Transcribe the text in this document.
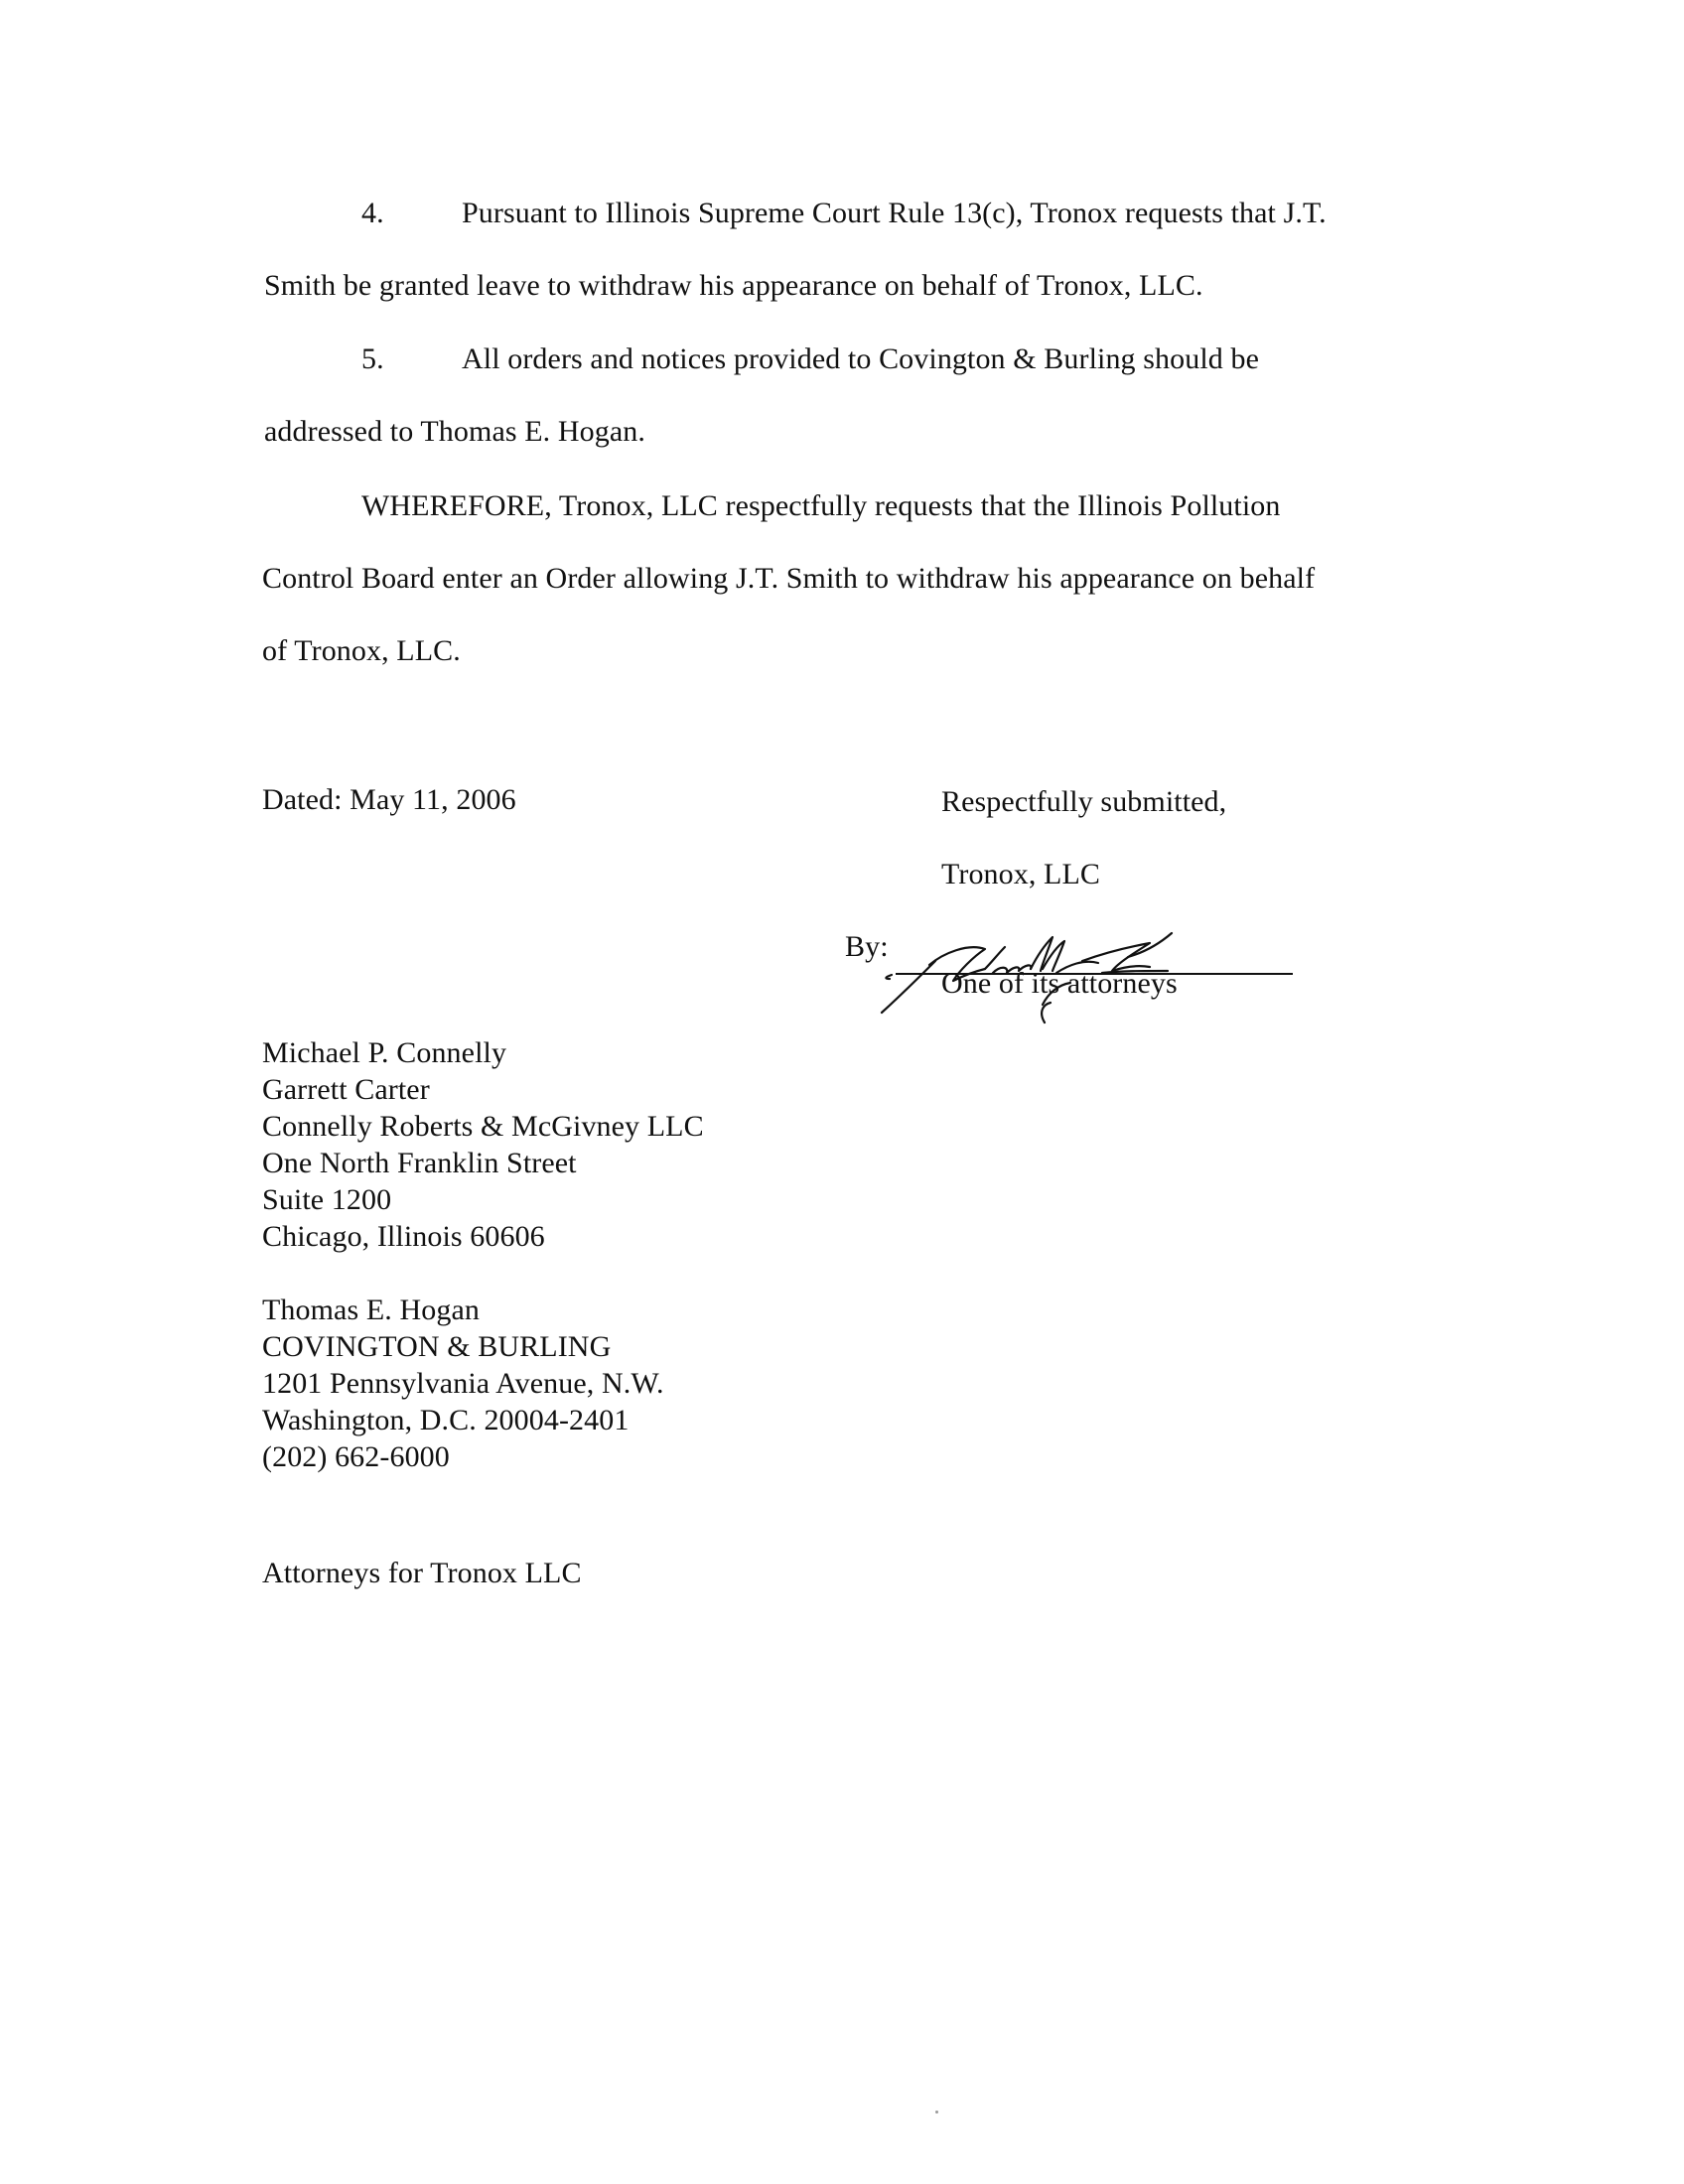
4.	Pursuant to Illinois Supreme Court Rule 13(c), Tronox requests that J.T.
Smith be granted leave to withdraw his appearance on behalf of Tronox, LLC.
5.	All orders and notices provided to Covington & Burling should be
addressed to Thomas E. Hogan.
WHEREFORE, Tronox, LLC respectfully requests that the Illinois Pollution
Control Board enter an Order allowing J.T. Smith to withdraw his appearance on behalf
of Tronox, LLC.
Dated: May 11, 2006	Respectfully submitted,
Tronox, LLC
By:
One of its attorneys
Michael P. Connelly
Garrett Carter
Connelly Roberts & McGivney LLC
One North Franklin Street
Suite 1200
Chicago, Illinois 60606
Thomas E. Hogan
COVINGTON & BURLING
1201 Pennsylvania Avenue, N.W.
Washington, D.C. 20004-2401
(202) 662-6000
Attorneys for Tronox LLC
